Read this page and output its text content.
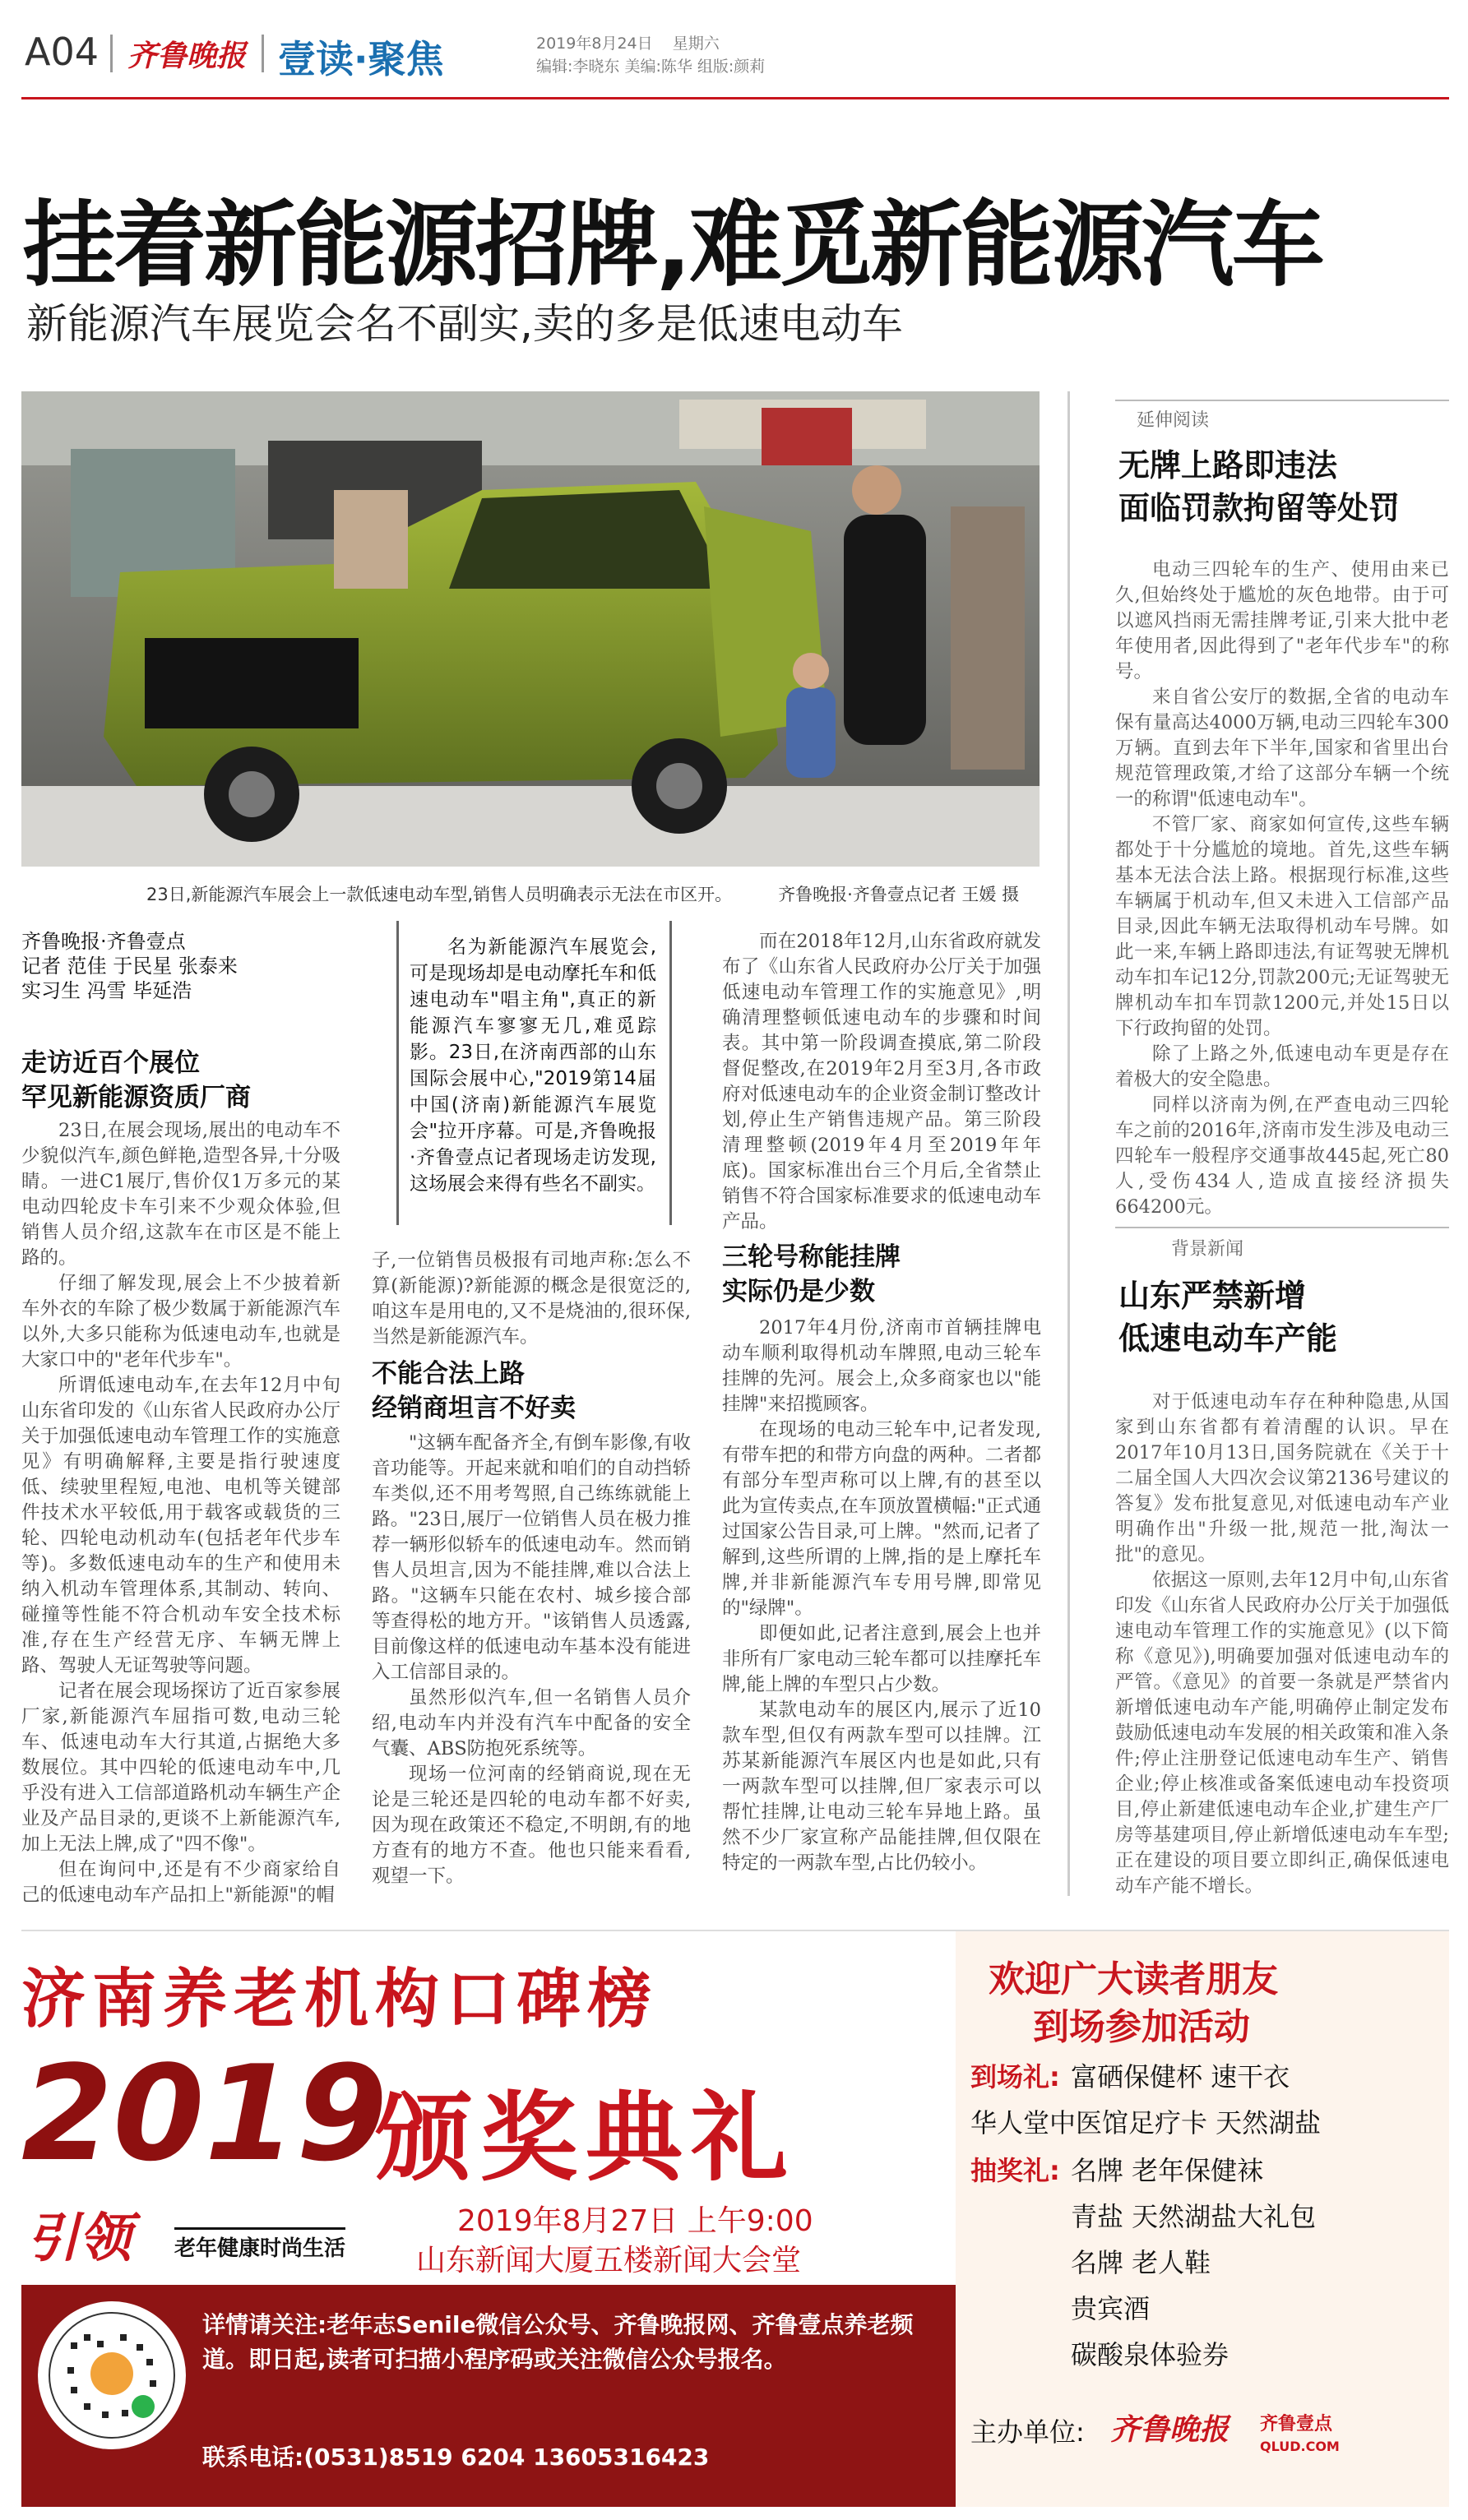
A04 齐鲁晚报 壹读·聚焦	2019年8月24日 星期六
编辑:李晓东 美编:陈华 组版:颜莉
挂着新能源招牌,难觅新能源汽车
新能源汽车展览会名不副实,卖的多是低速电动车
23日,新能源汽车展会上一款低速电动车型,销售人员明确表示无法在市区开。	齐鲁晚报·齐鲁壹点记者 王媛 摄
齐鲁晚报·齐鲁壹点
记者 范佳 于民星 张泰来
实习生 冯雪 毕延浩
走访近百个展位
罕见新能源资质厂商

23日,在展会现场,展出的电动车不少貌似汽车,颜色鲜艳,造型各异,十分吸睛。一进C1展厅,售价仅1万多元的某电动四轮皮卡车引来不少观众体验,但销售人员介绍,这款车在市区是不能上路的。

仔细了解发现,展会上不少披着新车外衣的车除了极少数属于新能源汽车以外,大多只能称为低速电动车,也就是大家口中的"老年代步车"。

所谓低速电动车,在去年12月中旬山东省印发的《山东省人民政府办公厅关于加强低速电动车管理工作的实施意见》有明确解释,主要是指行驶速度低、续驶里程短,电池、电机等关键部件技术水平较低,用于载客或载货的三轮、四轮电动机动车(包括老年代步车等)。多数低速电动车的生产和使用未纳入机动车管理体系,其制动、转向、碰撞等性能不符合机动车安全技术标准,存在生产经营无序、车辆无牌上路、驾驶人无证驾驶等问题。

记者在展会现场探访了近百家参展厂家,新能源汽车屈指可数,电动三轮车、低速电动车大行其道,占据绝大多数展位。其中四轮的低速电动车中,几乎没有进入工信部道路机动车辆生产企业及产品目录的,更谈不上新能源汽车,加上无法上牌,成了"四不像"。

但在询问中,还是有不少商家给自己的低速电动车产品扣上"新能源"的帽

名为新能源汽车展览会,可是现场却是电动摩托车和低速电动车"唱主角",真正的新能源汽车寥寥无几,难觅踪影。23日,在济南西部的山东国际会展中心,"2019第14届中国(济南)新能源汽车展览会"拉开序幕。可是,齐鲁晚报·齐鲁壹点记者现场走访发现,这场展会来得有些名不副实。
子,一位销售员极报有司地声称:怎么不算(新能源)?新能源的概念是很宽泛的,咱这车是用电的,又不是烧油的,很环保,当然是新能源汽车。
不能合法上路
经销商坦言不好卖

"这辆车配备齐全,有倒车影像,有收音功能等。开起来就和咱们的自动挡轿车类似,还不用考驾照,自己练练就能上路。"23日,展厅一位销售人员在极力推荐一辆形似轿车的低速电动车。然而销售人员坦言,因为不能挂牌,难以合法上路。"这辆车只能在农村、城乡接合部等查得松的地方开。"该销售人员透露,目前像这样的低速电动车基本没有能进入工信部目录的。

虽然形似汽车,但一名销售人员介绍,电动车内并没有汽车中配备的安全气囊、ABS防抱死系统等。

现场一位河南的经销商说,现在无论是三轮还是四轮的电动车都不好卖,因为现在政策还不稳定,不明朗,有的地方查有的地方不查。他也只能来看看,观望一下。

而在2018年12月,山东省政府就发布了《山东省人民政府办公厅关于加强低速电动车管理工作的实施意见》,明确清理整顿低速电动车的步骤和时间表。其中第一阶段调查摸底,第二阶段督促整改,在2019年2月至3月,各市政府对低速电动车的企业资金制订整改计划,停止生产销售违规产品。第三阶段清理整顿(2019年4月至2019年年底)。国家标准出台三个月后,全省禁止销售不符合国家标准要求的低速电动车产品。

三轮号称能挂牌
实际仍是少数

2017年4月份,济南市首辆挂牌电动车顺利取得机动车牌照,电动三轮车挂牌的先河。展会上,众多商家也以"能挂牌"来招揽顾客。

在现场的电动三轮车中,记者发现,有带车把的和带方向盘的两种。二者都有部分车型声称可以上牌,有的甚至以此为宣传卖点,在车顶放置横幅:"正式通过国家公告目录,可上牌。"然而,记者了解到,这些所谓的上牌,指的是上摩托车牌,并非新能源汽车专用号牌,即常见的"绿牌"。

即便如此,记者注意到,展会上也并非所有厂家电动三轮车都可以挂摩托车牌,能上牌的车型只占少数。

某款电动车的展区内,展示了近10款车型,但仅有两款车型可以挂牌。江苏某新能源汽车展区内也是如此,只有一两款车型可以挂牌,但厂家表示可以帮忙挂牌,让电动三轮车异地上路。虽然不少厂家宣称产品能挂牌,但仅限在特定的一两款车型,占比仍较小。

延伸阅读
无牌上路即违法
面临罚款拘留等处罚

电动三四轮车的生产、使用由来已久,但始终处于尴尬的灰色地带。由于可以遮风挡雨无需挂牌考证,引来大批中老年使用者,因此得到了"老年代步车"的称号。

来自省公安厅的数据,全省的电动车保有量高达4000万辆,电动三四轮车300万辆。直到去年下半年,国家和省里出台规范管理政策,才给了这部分车辆一个统一的称谓"低速电动车"。

不管厂家、商家如何宣传,这些车辆都处于十分尴尬的境地。首先,这些车辆基本无法合法上路。根据现行标准,这些车辆属于机动车,但又未进入工信部产品目录,因此车辆无法取得机动车号牌。如此一来,车辆上路即违法,有证驾驶无牌机动车扣车记12分,罚款200元;无证驾驶无牌机动车扣车罚款1200元,并处15日以下行政拘留的处罚。

除了上路之外,低速电动车更是存在着极大的安全隐患。

同样以济南为例,在严查电动三四轮车之前的2016年,济南市发生涉及电动三四轮车一般程序交通事故445起,死亡80人,受伤434人,造成直接经济损失664200元。

背景新闻
山东严禁新增
低速电动车产能

对于低速电动车存在种种隐患,从国家到山东省都有着清醒的认识。早在2017年10月13日,国务院就在《关于十二届全国人大四次会议第2136号建议的答复》发布批复意见,对低速电动车产业明确作出"升级一批,规范一批,淘汰一批"的意见。

依据这一原则,去年12月中旬,山东省印发《山东省人民政府办公厅关于加强低速电动车管理工作的实施意见》(以下简称《意见》),明确要加强对低速电动车的严管。《意见》的首要一条就是严禁省内新增低速电动车产能,明确停止制定发布鼓励低速电动车发展的相关政策和准入条件;停止注册登记低速电动车生产、销售企业;停止核准或备案低速电动车投资项目,停止新建低速电动车企业,扩建生产厂房等基建项目,停止新增低速电动车车型;正在建设的项目要立即纠正,确保低速电动车产能不增长。

济南养老机构口碑榜
2019
颁奖典礼
引领 老年健康时尚生活
2019年8月27日 上午9:00
山东新闻大厦五楼新闻大会堂
详情请关注:老年志Senile微信公众号、齐鲁晚报网、齐鲁壹点养老频道。即日起,读者可扫描小程序码或关注微信公众号报名。
联系电话:(0531)8519 6204 13605316423
欢迎广大读者朋友
到场参加活动
到场礼: 富硒保健杯 速干衣
华人堂中医馆足疗卡 天然湖盐
抽奖礼: 名牌 老年保健袜
青盐 天然湖盐大礼包
名牌 老人鞋
贵宾酒
碳酸泉体验券
主办单位: 齐鲁晚报 齐鲁壹点
QLUD.COM
